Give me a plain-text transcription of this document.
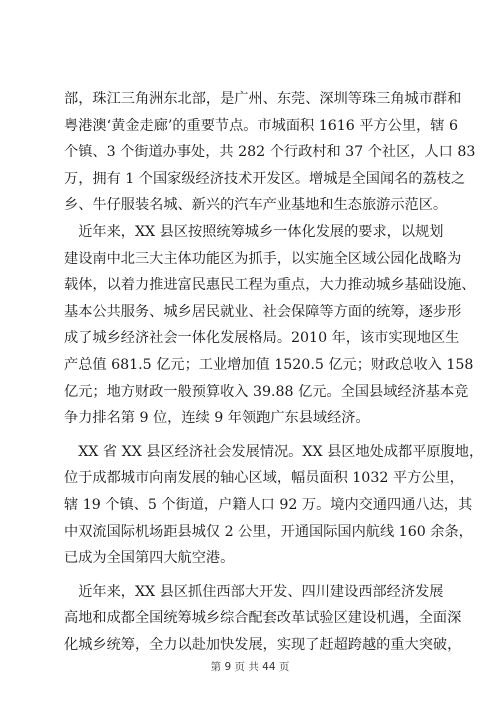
部，珠江三角洲东北部，是广州、东莞、深圳等珠三角城市群和
粤港澳‘黄金走廊’的重要节点。市城面积 1616 平方公里，辖 6
个镇、3 个街道办事处，共 282 个行政村和 37 个社区，人口 83
万，拥有 1 个国家级经济技术开发区。增城是全国闻名的荔枝之
乡、牛仔服装名城、新兴的汽车产业基地和生态旅游示范区。
　近年来，XX 县区按照统筹城乡一体化发展的要求，以规划
建设南中北三大主体功能区为抓手，以实施全区域公园化战略为
载体，以着力推进富民惠民工程为重点，大力推动城乡基础设施、
基本公共服务、城乡居民就业、社会保障等方面的统筹，逐步形
成了城乡经济社会一体化发展格局。2010 年，该市实现地区生
产总值 681.5 亿元；工业增加值 1520.5 亿元；财政总收入 158
亿元；地方财政一般预算收入 39.88 亿元。全国县域经济基本竞
争力排名第 9 位，连续 9 年领跑广东县域经济。
　XX 省 XX 县区经济社会发展情况。XX 县区地处成都平原腹地，
位于成都城市向南发展的轴心区域，幅员面积 1032 平方公里，
辖 19 个镇、5 个街道，户籍人口 92 万。境内交通四通八达，其
中双流国际机场距县城仅 2 公里，开通国际国内航线 160 余条，
已成为全国第四大航空港。
　近年来，XX 县区抓住西部大开发、四川建设西部经济发展
高地和成都全国统筹城乡综合配套改革试验区建设机遇，全面深
化城乡统筹，全力以赴加快发展，实现了赶超跨越的重大突破，
第 9 页 共 44 页
